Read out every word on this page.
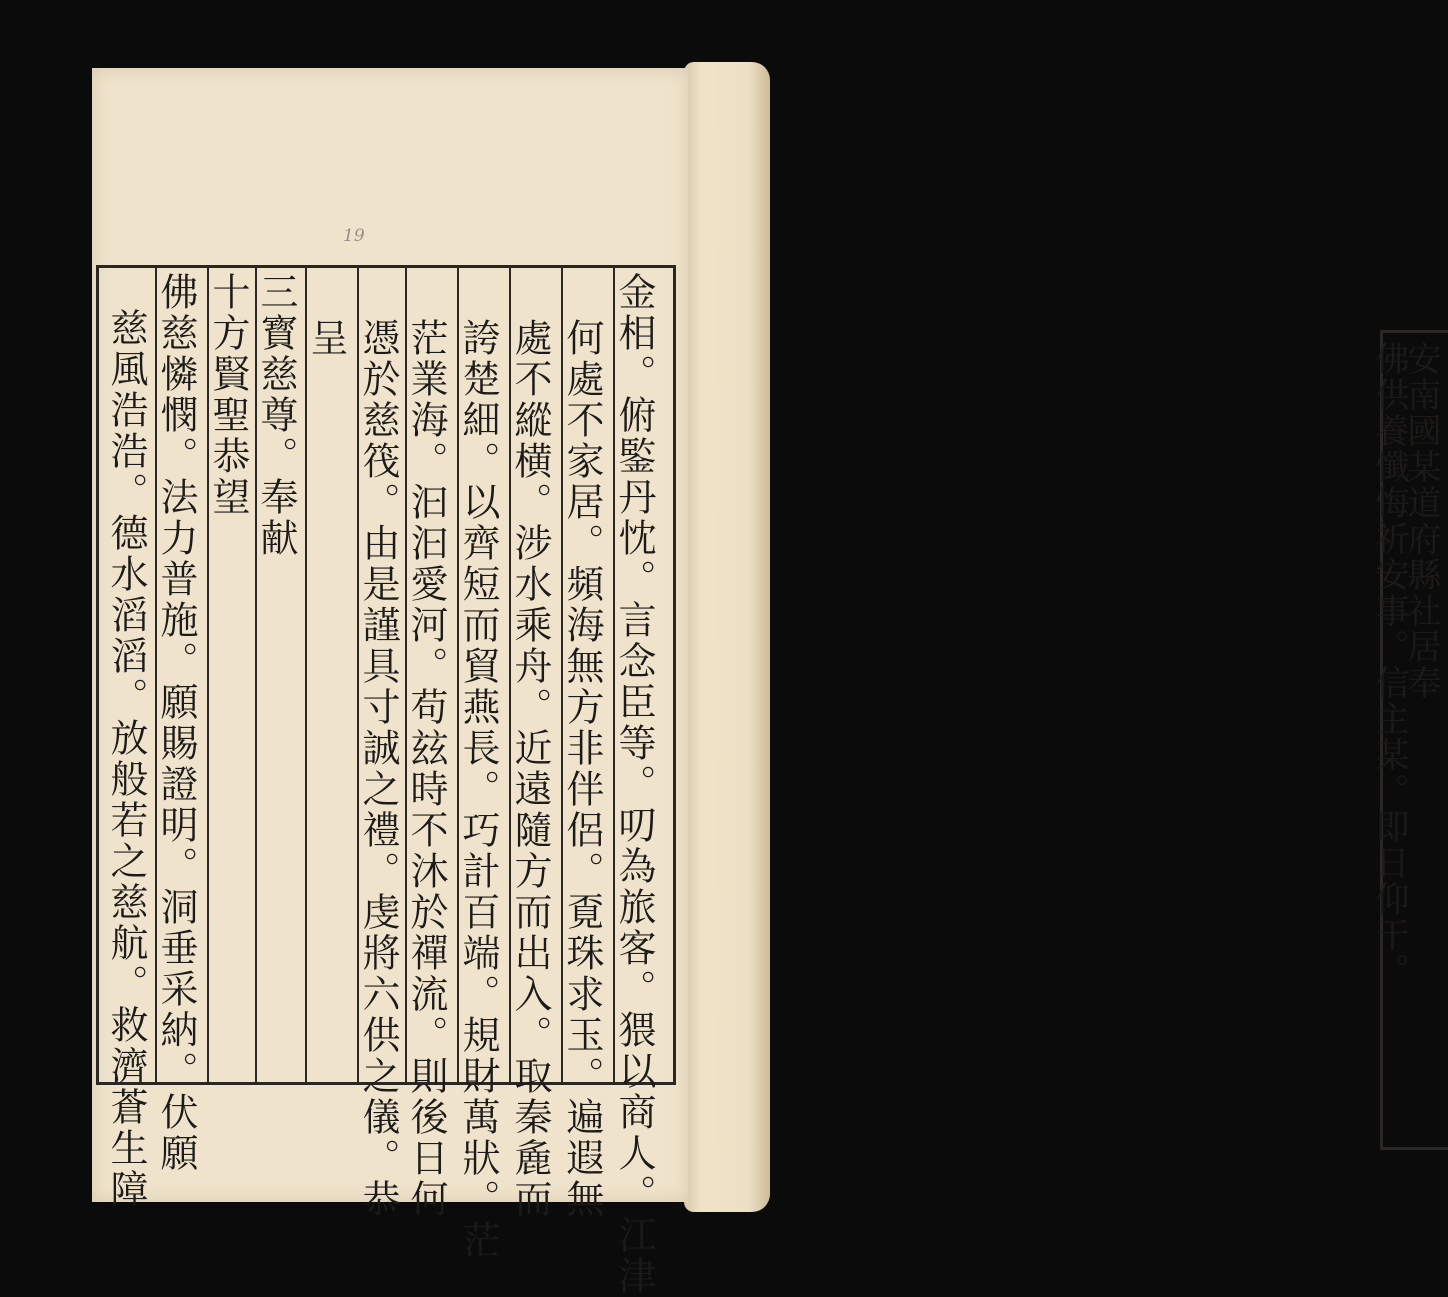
安南國某道府縣社居奉
佛供養懺悔祈安事。信主某。即日仰干。
19
金相。俯鍳丹忱。言念臣等。叨為旅客。猥以商人。江津
何處不家居。頻海無方非伴侶。覔珠求玉。遍遐無
處不縱横。涉水乘舟。近遠隨方而出入。取秦麁而
誇楚細。以齊短而貿燕長。巧計百端。規財萬狀。茫
茫業海。汩汩愛河。苟玆時不沐於禪流。則後日何
憑於慈筏。由是謹具寸誠之禮。虔將六供之儀。恭
呈
三寳慈尊。奉献
十方賢聖恭望
佛慈憐憫。法力普施。願賜證明。洞垂采納。伏願
慈風浩浩。德水滔滔。放般若之慈航。救濟蒼生障
